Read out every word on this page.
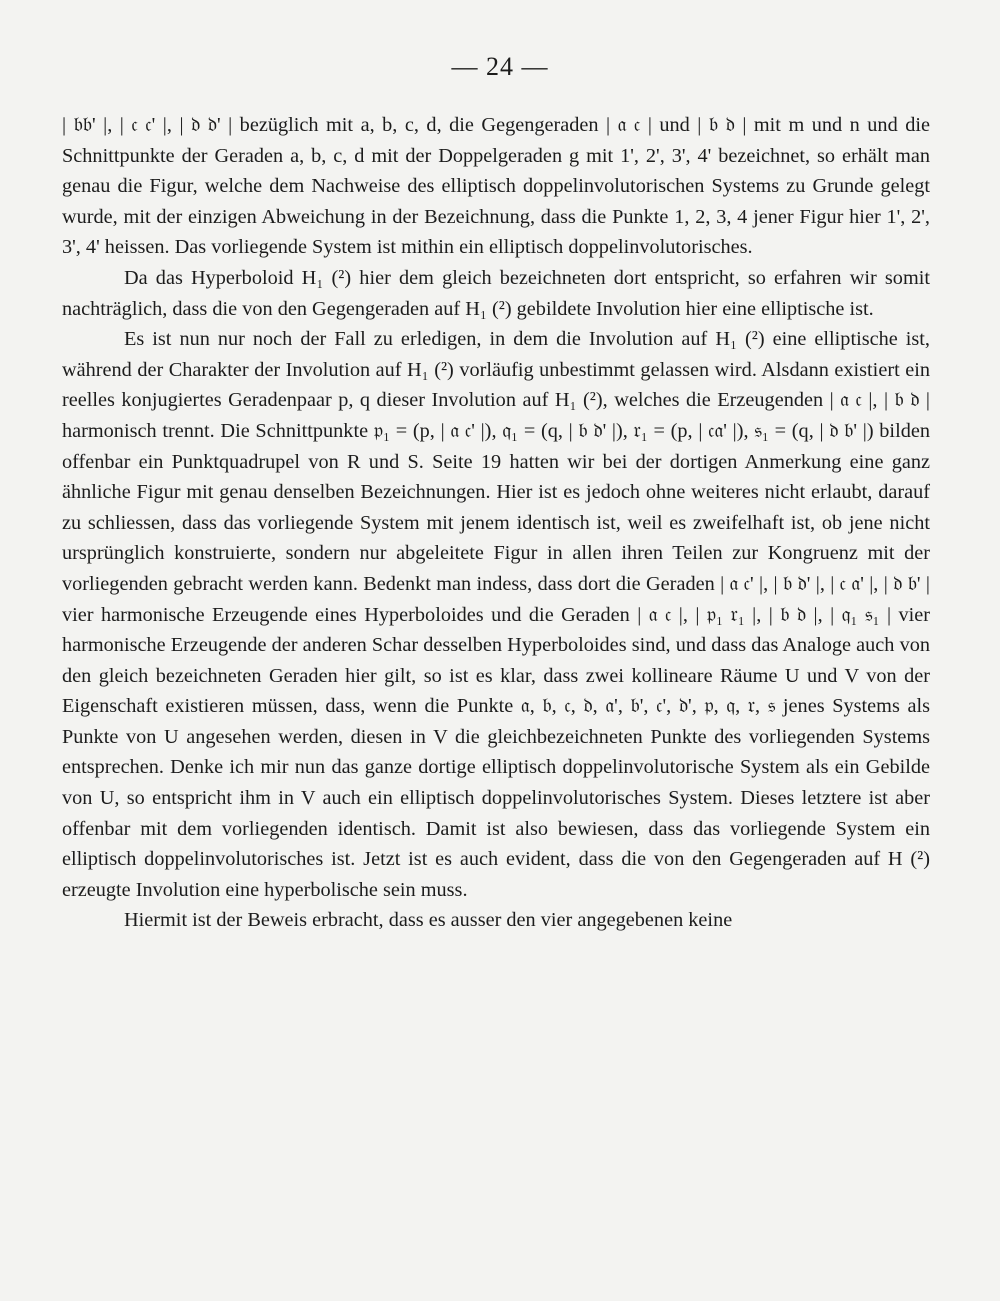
— 24 —

| 𝔟𝔟' |, | 𝔠 𝔠' |, | 𝔡 𝔡' | bezüglich mit a, b, c, d, die Gegengeraden | 𝔞 𝔠 | und | 𝔟 𝔡 | mit m und n und die Schnittpunkte der Geraden a, b, c, d mit der Doppelgeraden g mit 1', 2', 3', 4' bezeichnet, so erhält man genau die Figur, welche dem Nachweise des elliptisch doppelinvolutorischen Systems zu Grunde gelegt wurde, mit der einzigen Abweichung in der Bezeichnung, dass die Punkte 1, 2, 3, 4 jener Figur hier 1', 2', 3', 4' heissen. Das vorliegende System ist mithin ein elliptisch doppelinvolutorisches.

Da das Hyperboloid H₁ (²) hier dem gleich bezeichneten dort entspricht, so erfahren wir somit nachträglich, dass die von den Gegengeraden auf H₁ (²) gebildete Involution hier eine elliptische ist.

Es ist nun nur noch der Fall zu erledigen, in dem die Involution auf H₁ (²) eine elliptische ist, während der Charakter der Involution auf H₁ (²) vorläufig unbestimmt gelassen wird. Alsdann existiert ein reelles konjugiertes Geradenpaar p, q dieser Involution auf H₁ (²), welches die Erzeugenden | 𝔞 𝔠 |, | 𝔟 𝔡 | harmonisch trennt. Die Schnittpunkte 𝔭₁ = (p, | 𝔞 𝔠' |), 𝔮₁ = (q, | 𝔟 𝔡' |), 𝔯₁ = (p, | 𝔠𝔞' |), 𝔰₁ = (q, | 𝔡 𝔟' |) bilden offenbar ein Punktquadrupel von R und S. Seite 19 hatten wir bei der dortigen Anmerkung eine ganz ähnliche Figur mit genau denselben Bezeichnungen. Hier ist es jedoch ohne weiteres nicht erlaubt, darauf zu schliessen, dass das vorliegende System mit jenem identisch ist, weil es zweifelhaft ist, ob jene nicht ursprünglich konstruierte, sondern nur abgeleitete Figur in allen ihren Teilen zur Kongruenz mit der vorliegenden gebracht werden kann. Bedenkt man indess, dass dort die Geraden | 𝔞 𝔠' |, | 𝔟 𝔡' |, | 𝔠 𝔞' |, | 𝔡 𝔟' | vier harmonische Erzeugende eines Hyperboloides und die Geraden | 𝔞 𝔠 |, | 𝔭₁ 𝔯₁ |, | 𝔟 𝔡 |, | 𝔮₁ 𝔰₁ | vier harmonische Erzeugende der anderen Schar desselben Hyperboloides sind, und dass das Analoge auch von den gleich bezeichneten Geraden hier gilt, so ist es klar, dass zwei kollineare Räume U und V von der Eigenschaft existieren müssen, dass, wenn die Punkte 𝔞, 𝔟, 𝔠, 𝔡, 𝔞', 𝔟', 𝔠', 𝔡', 𝔭, 𝔮, 𝔯, 𝔰 jenes Systems als Punkte von U angesehen werden, diesen in V die gleichbezeichneten Punkte des vorliegenden Systems entsprechen. Denke ich mir nun das ganze dortige elliptisch doppelinvolutorische System als ein Gebilde von U, so entspricht ihm in V auch ein elliptisch doppelinvolutorisches System. Dieses letztere ist aber offenbar mit dem vorliegenden identisch. Damit ist also bewiesen, dass das vorliegende System ein elliptisch doppelinvolutorisches ist. Jetzt ist es auch evident, dass die von den Gegengeraden auf H (²) erzeugte Involution eine hyperbolische sein muss.

Hiermit ist der Beweis erbracht, dass es ausser den vier angegebenen keine
